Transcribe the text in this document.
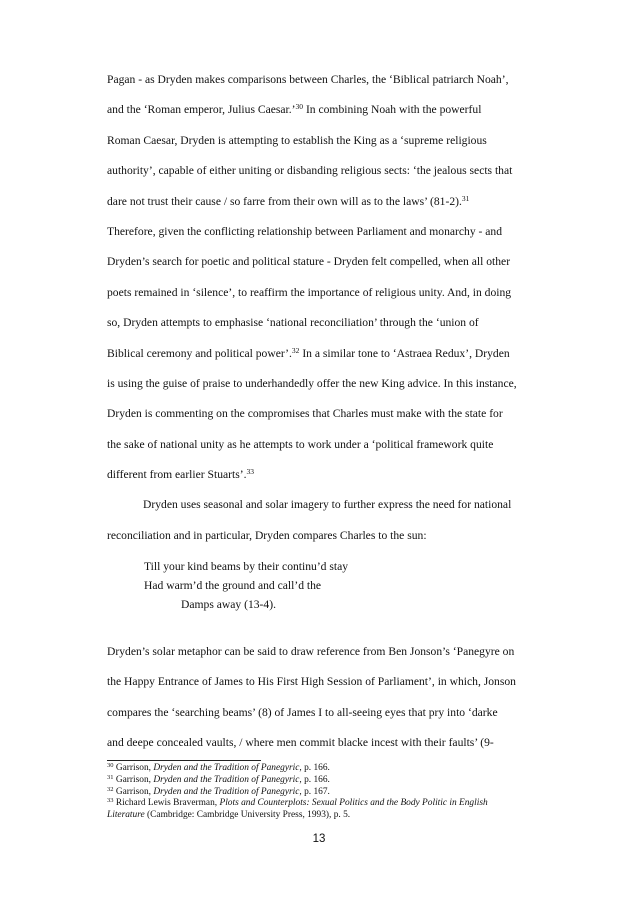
Pagan - as Dryden makes comparisons between Charles, the ‘Biblical patriarch Noah’,
and the ‘Roman emperor, Julius Caesar.’$^{30}$ In combining Noah with the powerful
Roman Caesar, Dryden is attempting to establish the King as a ‘supreme religious
authority’, capable of either uniting or disbanding religious sects: ‘the jealous sects that
dare not trust their cause / so farre from their own will as to the laws’ (81-2).$^{31}$
Therefore, given the conflicting relationship between Parliament and monarchy - and
Dryden’s search for poetic and political stature - Dryden felt compelled, when all other
poets remained in ‘silence’, to reaffirm the importance of religious unity. And, in doing
so, Dryden attempts to emphasise ‘national reconciliation’ through the ‘union of
Biblical ceremony and political power’.$^{32}$ In a similar tone to ‘Astraea Redux’, Dryden
is using the guise of praise to underhandedly offer the new King advice. In this instance,
Dryden is commenting on the compromises that Charles must make with the state for
the sake of national unity as he attempts to work under a ‘political framework quite
different from earlier Stuarts’.$^{33}$
Dryden uses seasonal and solar imagery to further express the need for national
reconciliation and in particular, Dryden compares Charles to the sun:
Till your kind beams by their continu’d stay
Had warm’d the ground and call’d the
Damps away (13-4).
Dryden’s solar metaphor can be said to draw reference from Ben Jonson’s ‘Panegyre on
the Happy Entrance of James to His First High Session of Parliament’, in which, Jonson
compares the ‘searching beams’ (8) of James I to all-seeing eyes that pry into ‘darke
and deepe concealed vaults, / where men commit blacke incest with their faults’ (9-
$^{30}$ Garrison, Dryden and the Tradition of Panegyric, p. 166.
$^{31}$ Garrison, Dryden and the Tradition of Panegyric, p. 166.
$^{32}$ Garrison, Dryden and the Tradition of Panegyric, p. 167.
$^{33}$ Richard Lewis Braverman, Plots and Counterplots: Sexual Politics and the Body Politic in English
Literature (Cambridge: Cambridge University Press, 1993), p. 5.
13
